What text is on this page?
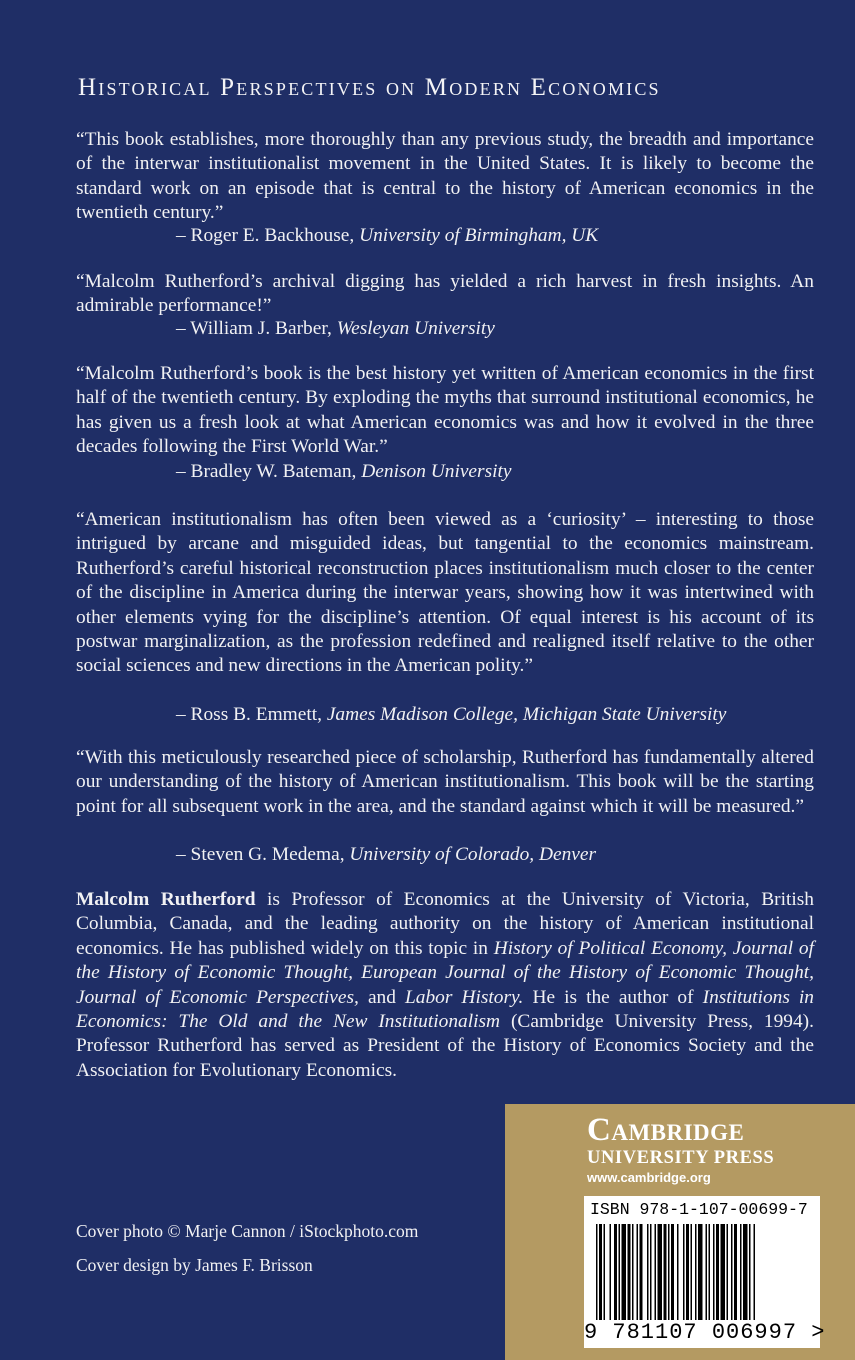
Historical Perspectives on Modern Economics

“This book establishes, more thoroughly than any previous study, the breadth and importance of the interwar institutionalist movement in the United States. It is likely to become the standard work on an episode that is central to the history of American economics in the twentieth century.”

– Roger E. Backhouse, University of Birmingham, UK

“Malcolm Rutherford’s archival digging has yielded a rich harvest in fresh insights. An admirable performance!”

– William J. Barber, Wesleyan University

“Malcolm Rutherford’s book is the best history yet written of American economics in the first half of the twentieth century. By exploding the myths that surround institutional economics, he has given us a fresh look at what American economics was and how it evolved in the three decades following the First World War.”

– Bradley W. Bateman, Denison University

“American institutionalism has often been viewed as a ‘curiosity’ – interesting to those intrigued by arcane and misguided ideas, but tangential to the economics mainstream. Rutherford’s careful historical reconstruction places institutionalism much closer to the center of the discipline in America during the interwar years, showing how it was intertwined with other elements vying for the discipline’s attention. Of equal interest is his account of its postwar marginalization, as the profession redefined and realigned itself relative to the other social sciences and new directions in the American polity.”

– Ross B. Emmett, James Madison College, Michigan State University

“With this meticulously researched piece of scholarship, Rutherford has fundamentally altered our understanding of the history of American institutionalism. This book will be the starting point for all subsequent work in the area, and the standard against which it will be measured.”

– Steven G. Medema, University of Colorado, Denver

Malcolm Rutherford is Professor of Economics at the University of Victoria, British Columbia, Canada, and the leading authority on the history of American institutional economics. He has published widely on this topic in History of Political Economy, Journal of the History of Economic Thought, European Journal of the History of Economic Thought, Journal of Economic Perspectives, and Labor History. He is the author of Institutions in Economics: The Old and the New Institutionalism (Cambridge University Press, 1994). Professor Rutherford has served as President of the History of Economics Society and the Association for Evolutionary Economics.

Cover photo © Marje Cannon / iStockphoto.com
Cover design by James F. Brisson
Cambridge
UNIVERSITY PRESS
www.cambridge.org
ISBN 978-1-107-00699-7
9 781107 006997 >
